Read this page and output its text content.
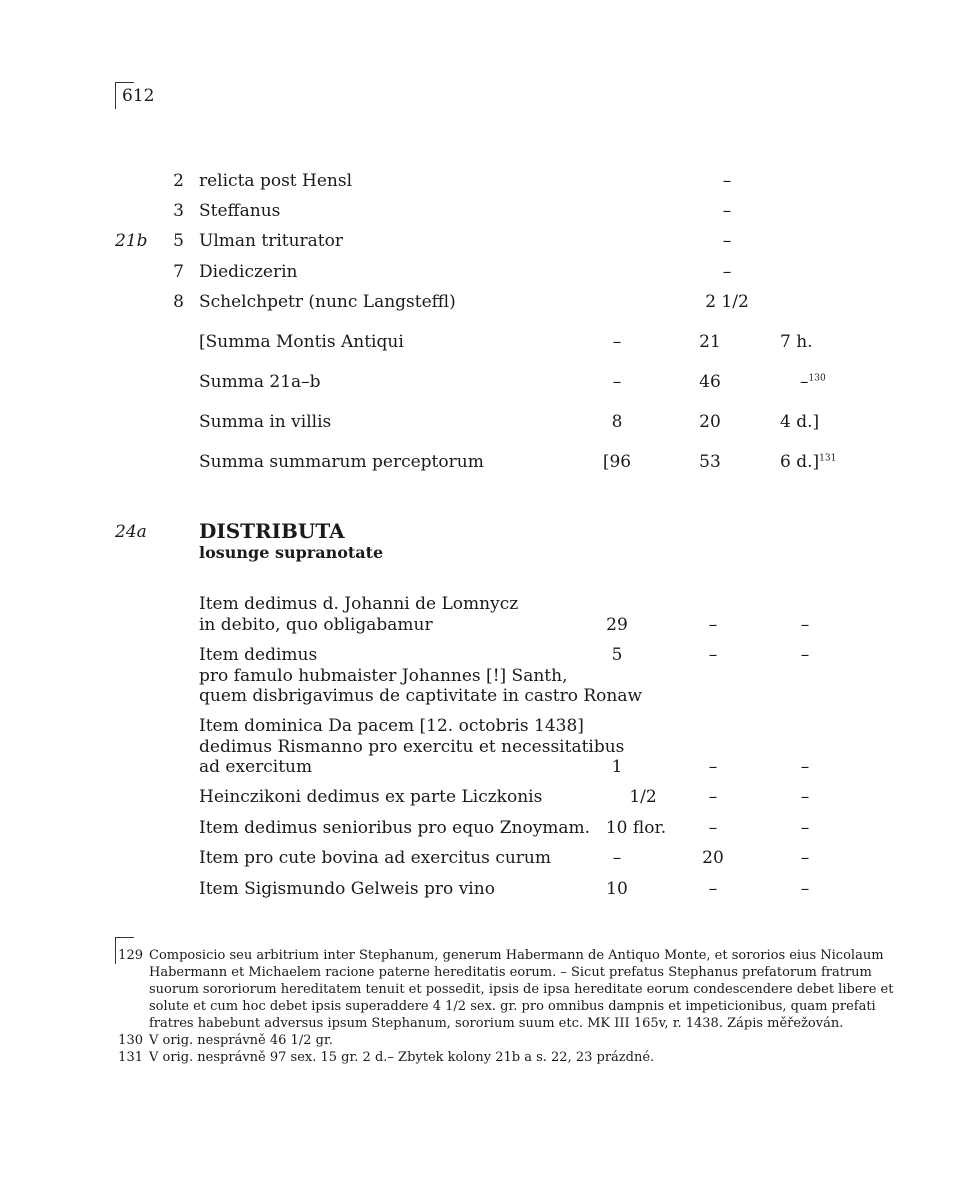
612
2 relicta post Hensl	–
3 Steffanus	–
21b 5 Ulman triturator	–
7 Diediczerin	–
8 Schelchpetr (nunc Langsteffl)	2 1/2
[Summa Montis Antiqui	–	21	7 h.
Summa 21a–b	–	46	–$^{130}$
Summa in villis	8	20	4 d.]
Summa summarum perceptorum	[96	53	6 d.]$^{131}$
24a	DISTRIBUTA
losunge supranotate
Item dedimus d. Johanni de Lomnycz
in debito, quo obligabamur	29	–	–
Item dedimus
pro famulo hubmaister Johannes [!] Santh,
quem disbrigavimus de captivitate in castro Ronaw
5	–	–
Item dominica Da pacem [12. octobris 1438]
dedimus Rismanno pro exercitu et necessitatibus
ad exercitum	1	–	–
Heinczikoni dedimus ex parte Liczkonis	1/2	–	–
Item dedimus senioribus pro equo Znoymam. 10 flor.	–	–
Item pro cute bovina ad exercitus curum	–	20	–
Item Sigismundo Gelweis pro vino	10	–	–
129 Composicio seu arbitrium inter Stephanum, generum Habermann de Antiquo Monte, et sororios eius Nicolaum
Habermann et Michaelem racione paterne hereditatis eorum. – Sicut prefatus Stephanus prefatorum fratrum
suorum sororiorum hereditatem tenuit et possedit, ipsis de ipsa hereditate eorum condescendere debet libere et
solute et cum hoc debet ipsis superaddere 4 1/2 sex. gr. pro omnibus dampnis et impeticionibus, quam prefati
fratres habebunt adversus ipsum Stephanum, sororium suum etc. MK III 165v, r. 1438. Zápis měřežován.
130 V orig. nesprávně 46 1/2 gr.
131 V orig. nesprávně 97 sex. 15 gr. 2 d.– Zbytek kolony 21b a s. 22, 23 prázdné.
